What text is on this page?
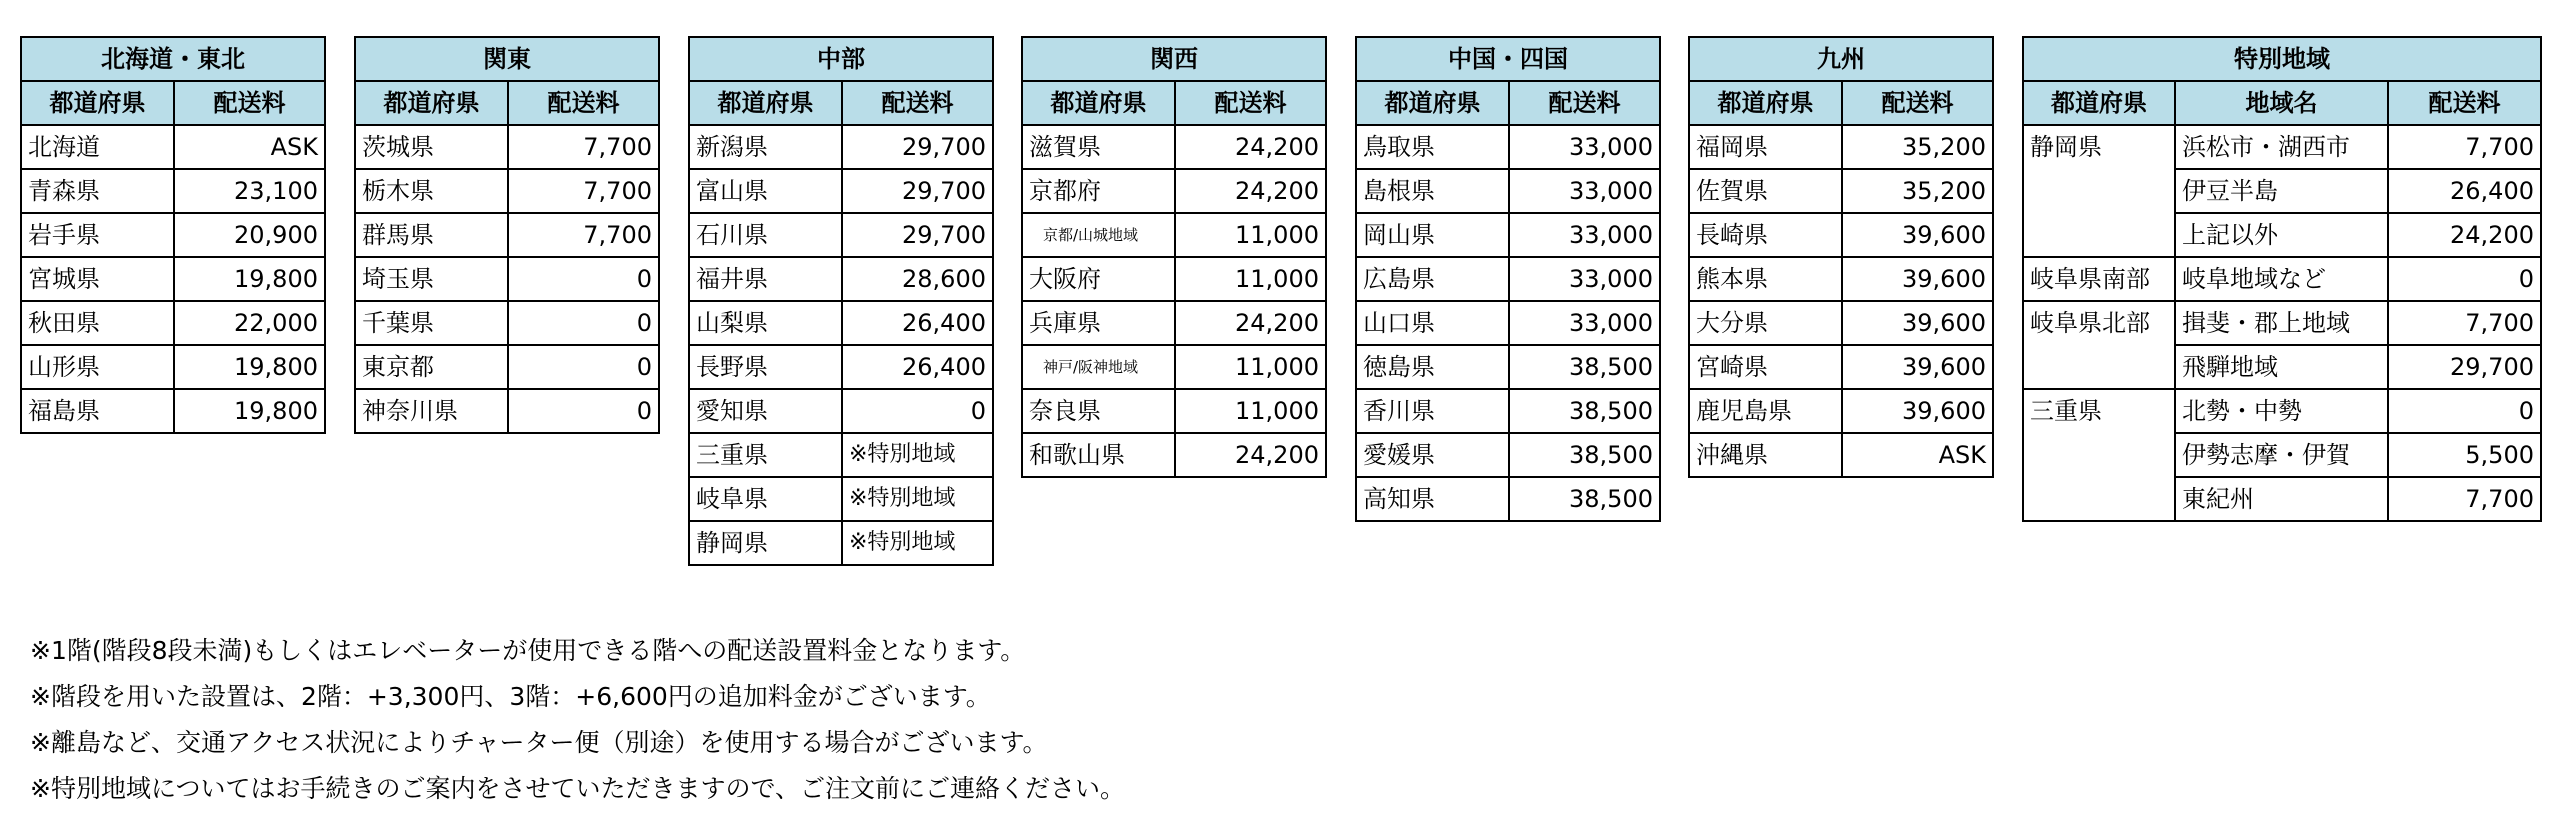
北海道・東北	
都道府県	配送料
北海道	ASK
青森県	23,100
岩手県	20,900
宮城県	19,800
秋田県	22,000
山形県	19,800
福島県	19,800
関東	
都道府県	配送料
茨城県	7,700
栃木県	7,700
群馬県	7,700
埼玉県	0
千葉県	0
東京都	0
神奈川県	0
中部	
都道府県	配送料
新潟県	29,700
富山県	29,700
石川県	29,700
福井県	28,600
山梨県	26,400
長野県	26,400
愛知県	0
三重県	※特別地域
岐阜県	※特別地域
静岡県	※特別地域
関西	
都道府県	配送料
滋賀県	24,200
京都府	24,200
京都/山城地域	11,000
大阪府	11,000
兵庫県	24,200
神戸/阪神地域	11,000
奈良県	11,000
和歌山県	24,200
中国・四国	
都道府県	配送料
鳥取県	33,000
島根県	33,000
岡山県	33,000
広島県	33,000
山口県	33,000
徳島県	38,500
香川県	38,500
愛媛県	38,500
高知県	38,500
九州	
都道府県	配送料
福岡県	35,200
佐賀県	35,200
長崎県	39,600
熊本県	39,600
大分県	39,600
宮崎県	39,600
鹿児島県	39,600
沖縄県	ASK
特別地域		
都道府県	地域名	配送料
静岡県	浜松市・湖西市	7,700
	伊豆半島	26,400
	上記以外	24,200
岐阜県南部	岐阜地域など	0
岐阜県北部	揖斐・郡上地域	7,700
	飛騨地域	29,700
三重県	北勢・中勢	0
	伊勢志摩・伊賀	5,500
	東紀州	7,700
※1階(階段8段未満)もしくはエレベーターが使用できる階への配送設置料金となります。
※階段を用いた設置は、2階：+3,300円、3階：+6,600円の追加料金がございます。
※離島など、交通アクセス状況によりチャーター便（別途）を使用する場合がございます。
※特別地域についてはお手続きのご案内をさせていただきますので、ご注文前にご連絡ください。
